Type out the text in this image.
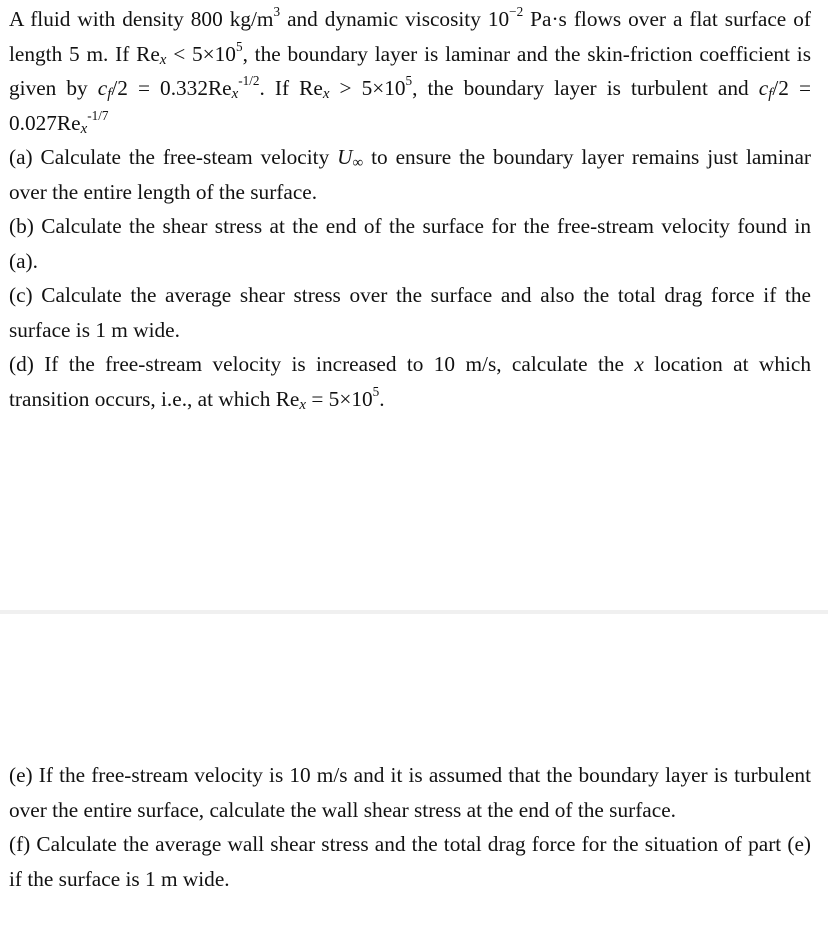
A fluid with density 800 $kg/m^3$ and dynamic viscosity $10^{-2}$ Pa·s flows over a flat surface of length 5 m. If $Re_x < 5\times 10^5$, the boundary layer is laminar and the skin-friction coefficient is given by $c_f/2 = 0.332Re_x^{-1/2}$. If $Re_x > 5\times 10^5$, the boundary layer is turbulent and $c_f/2 = 0.027Re_x^{-1/7}$

(a) Calculate the free-steam velocity $U_\infty$ to ensure the boundary layer remains just laminar over the entire length of the surface.

(b) Calculate the shear stress at the end of the surface for the free-stream velocity found in (a).

(c) Calculate the average shear stress over the surface and also the total drag force if the surface is 1 m wide.

(d) If the free-stream velocity is increased to 10 m/s, calculate the x location at which transition occurs, i.e., at which $Re_x = 5\times 10^5$.

(e) If the free-stream velocity is 10 m/s and it is assumed that the boundary layer is turbulent over the entire surface, calculate the wall shear stress at the end of the surface.

(f) Calculate the average wall shear stress and the total drag force for the situation of part (e) if the surface is 1 m wide.
